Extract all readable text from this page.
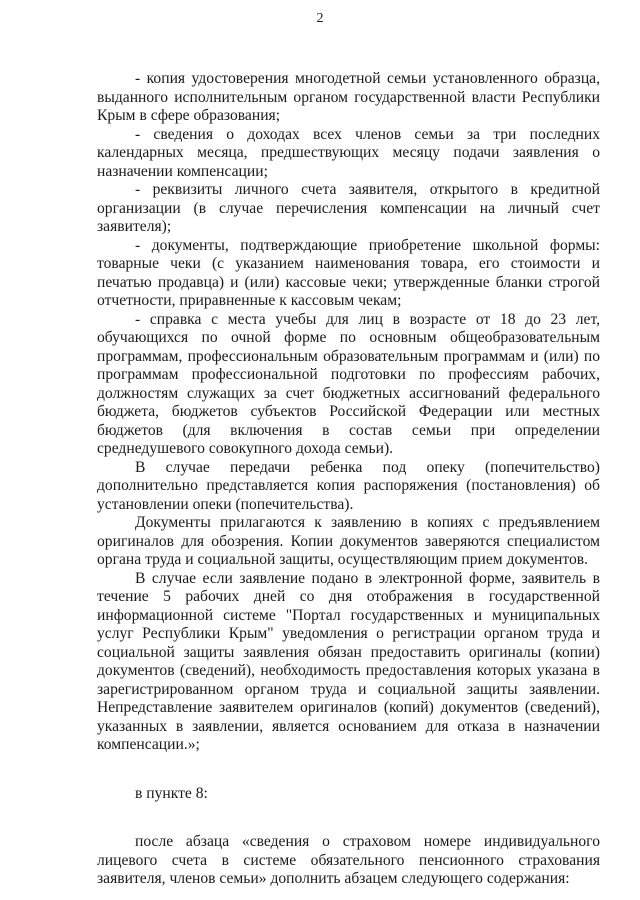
2

- копия удостоверения многодетной семьи установленного образца, выданного исполнительным органом государственной власти Республики Крым в сфере образования;

- сведения о доходах всех членов семьи за три последних календарных месяца, предшествующих месяцу подачи заявления о назначении компенсации;

- реквизиты личного счета заявителя, открытого в кредитной организации (в случае перечисления компенсации на личный счет заявителя);

- документы, подтверждающие приобретение школьной формы: товарные чеки (с указанием наименования товара, его стоимости и печатью продавца) и (или) кассовые чеки; утвержденные бланки строгой отчетности, приравненные к кассовым чекам;

- справка с места учебы для лиц в возрасте от 18 до 23 лет, обучающихся по очной форме по основным общеобразовательным программам, профессиональным образовательным программам и (или) по программам профессиональной подготовки по профессиям рабочих, должностям служащих за счет бюджетных ассигнований федерального бюджета, бюджетов субъектов Российской Федерации или местных бюджетов (для включения в состав семьи при определении среднедушевого совокупного дохода семьи).

В случае передачи ребенка под опеку (попечительство) дополнительно представляется копия распоряжения (постановления) об установлении опеки (попечительства).

Документы прилагаются к заявлению в копиях с предъявлением оригиналов для обозрения. Копии документов заверяются специалистом органа труда и социальной защиты, осуществляющим прием документов.

В случае если заявление подано в электронной форме, заявитель в течение 5 рабочих дней со дня отображения в государственной информационной системе "Портал государственных и муниципальных услуг Республики Крым" уведомления о регистрации органом труда и социальной защиты заявления обязан предоставить оригиналы (копии) документов (сведений), необходимость предоставления которых указана в зарегистрированном органом труда и социальной защиты заявлении. Непредставление заявителем оригиналов (копий) документов (сведений), указанных в заявлении, является основанием для отказа в назначении компенсации.»;

в пункте 8:

после абзаца «сведения о страховом номере индивидуального лицевого счета в системе обязательного пенсионного страхования заявителя, членов семьи» дополнить абзацем следующего содержания:
